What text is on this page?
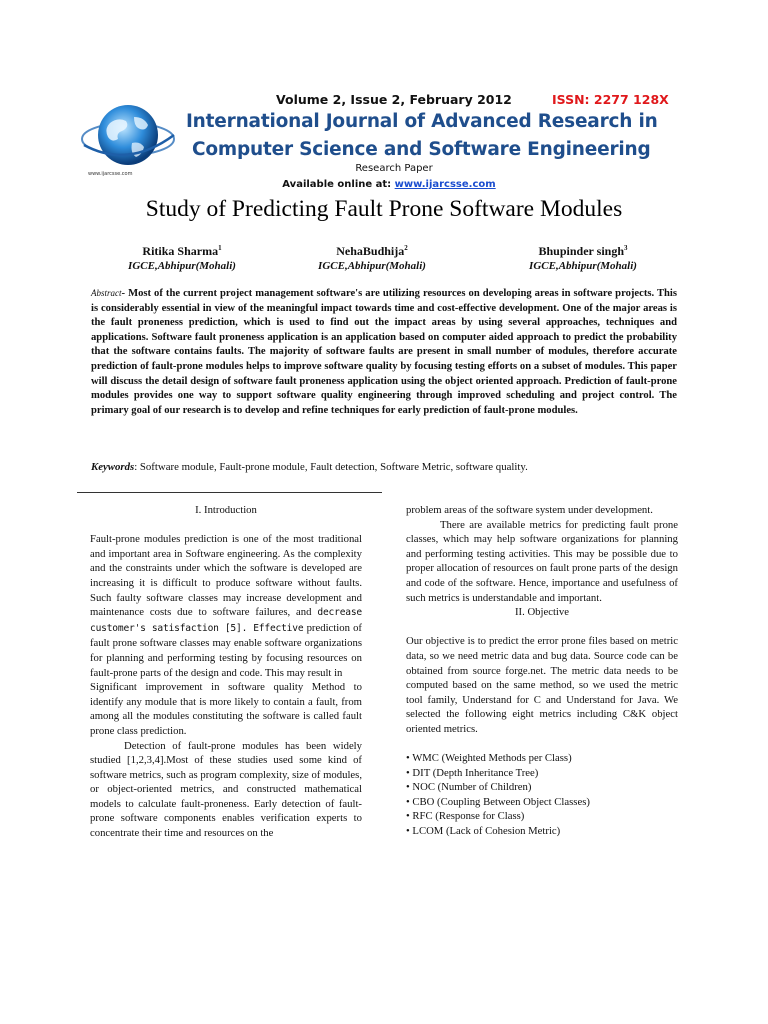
www.ijarcsse.com
Volume 2, Issue 2, February 2012	ISSN: 2277 128X
International Journal of Advanced Research in
Computer Science and Software Engineering
Research Paper
Available online at: www.ijarcsse.com
Study of Predicting Fault Prone Software Modules
Ritika Sharma$^1$
IGCE,Abhipur(Mohali)
NehaBudhija$^2$
IGCE,Abhipur(Mohali)
Bhupinder singh$^3$
IGCE,Abhipur(Mohali)
Abstract- Most of the current project management software's are utilizing resources on developing areas in software projects. This is considerably essential in view of the meaningful impact towards time and cost-effective development. One of the major areas is the fault proneness prediction, which is used to find out the impact areas by using several approaches, techniques and applications. Software fault proneness application is an application based on computer aided approach to predict the probability that the software contains faults. The majority of software faults are present in small number of modules, therefore accurate prediction of fault-prone modules helps to improve software quality by focusing testing efforts on a subset of modules. This paper will discuss the detail design of software fault proneness application using the object oriented approach. Prediction of fault-prone modules provides one way to support software quality engineering through improved scheduling and project control. The primary goal of our research is to develop and refine techniques for early prediction of fault-prone modules.
Keywords: Software module, Fault-prone module, Fault detection, Software Metric, software quality.
I. Introduction

Fault-prone modules prediction is one of the most traditional and important area in Software engineering. As the complexity and the constraints under which the software is developed are increasing it is difficult to produce software without faults. Such faulty software classes may increase development and maintenance costs due to software failures, and decrease customer's satisfaction [5]. Effective prediction of fault prone software classes may enable software organizations for planning and performing testing by focusing resources on fault-prone parts of the design and code. This may result in

Significant improvement in software quality Method to identify any module that is more likely to contain a fault, from among all the modules constituting the software is called fault prone class prediction.

Detection of fault-prone modules has been widely studied [1,2,3,4].Most of these studies used some kind of software metrics, such as program complexity, size of modules, or object-oriented metrics, and constructed mathematical models to calculate fault-proneness. Early detection of fault-prone software components enables verification experts to concentrate their time and resources on the

problem areas of the software system under development.

There are available metrics for predicting fault prone classes, which may help software organizations for planning and performing testing activities. This may be possible due to proper allocation of resources on fault prone parts of the design and code of the software. Hence, importance and usefulness of such metrics is understandable and important.

II. Objective

Our objective is to predict the error prone files based on metric data, so we need metric data and bug data. Source code can be obtained from source forge.net. The metric data needs to be computed based on the same method, so we used the metric tool family, Understand for C and Understand for Java. We selected the following eight metrics including C&K object oriented metrics.

• WMC (Weighted Methods per Class)
• DIT (Depth Inheritance Tree)
• NOC (Number of Children)
• CBO (Coupling Between Object Classes)
• RFC (Response for Class)
• LCOM (Lack of Cohesion Metric)
